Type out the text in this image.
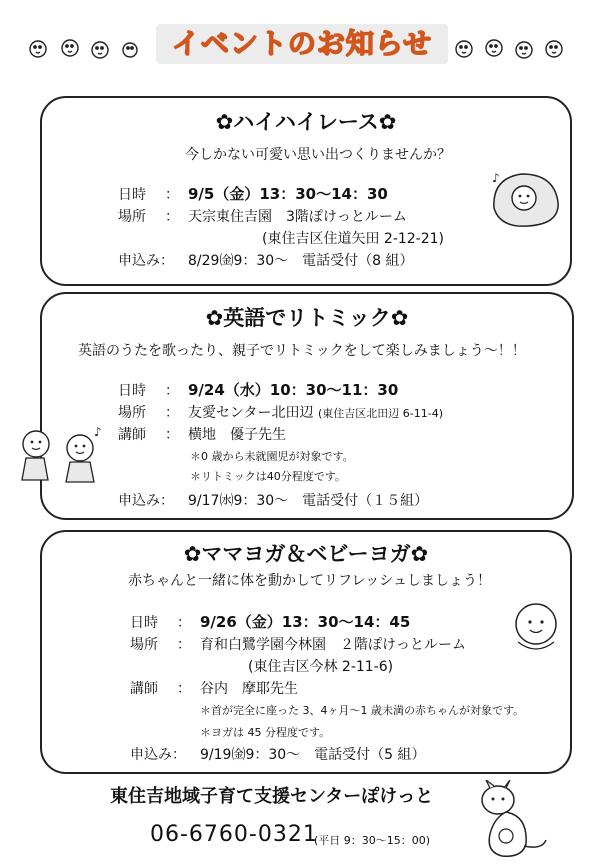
イベントのお知らせ
✿ハイハイレース✿
今しかない可愛い思い出つくりませんか？
日時 ： 9/5（金）13：30〜14：30
場所 ： 天宗東住吉園　3階ぽけっとルーム
(東住吉区住道矢田 2-12-21)
申込み： 8/29㈮9：30〜　電話受付（8 組）
♪
✿英語でリトミック✿
英語のうたを歌ったり、親子でリトミックをして楽しみましょう〜！！
日時 ： 9/24（水）10：30〜11：30
場所 ： 友愛センター北田辺 (東住吉区北田辺 6-11-4)
講師 ： 横地　優子先生
＊0 歳から未就園児が対象です。
＊リトミックは40分程度です。
申込み： 9/17㈬9：30〜　電話受付（１５組）
♪
✿ママヨガ＆ベビーヨガ✿
赤ちゃんと一緒に体を動かしてリフレッシュしましょう！
日時 ： 9/26（金）13：30〜14：45
場所 ： 育和白鷺学園今林園　２階ぽけっとルーム
(東住吉区今林 2-11-6)
講師 ： 谷内　摩耶先生
＊首が完全に座った 3、4ヶ月〜1 歳未満の赤ちゃんが対象です。
＊ヨガは 45 分程度です。
申込み： 9/19㈮9：30〜　電話受付（5 組）
東住吉地域子育て支援センターぽけっと
06-6760-0321
(平日 9：30〜15：00)
